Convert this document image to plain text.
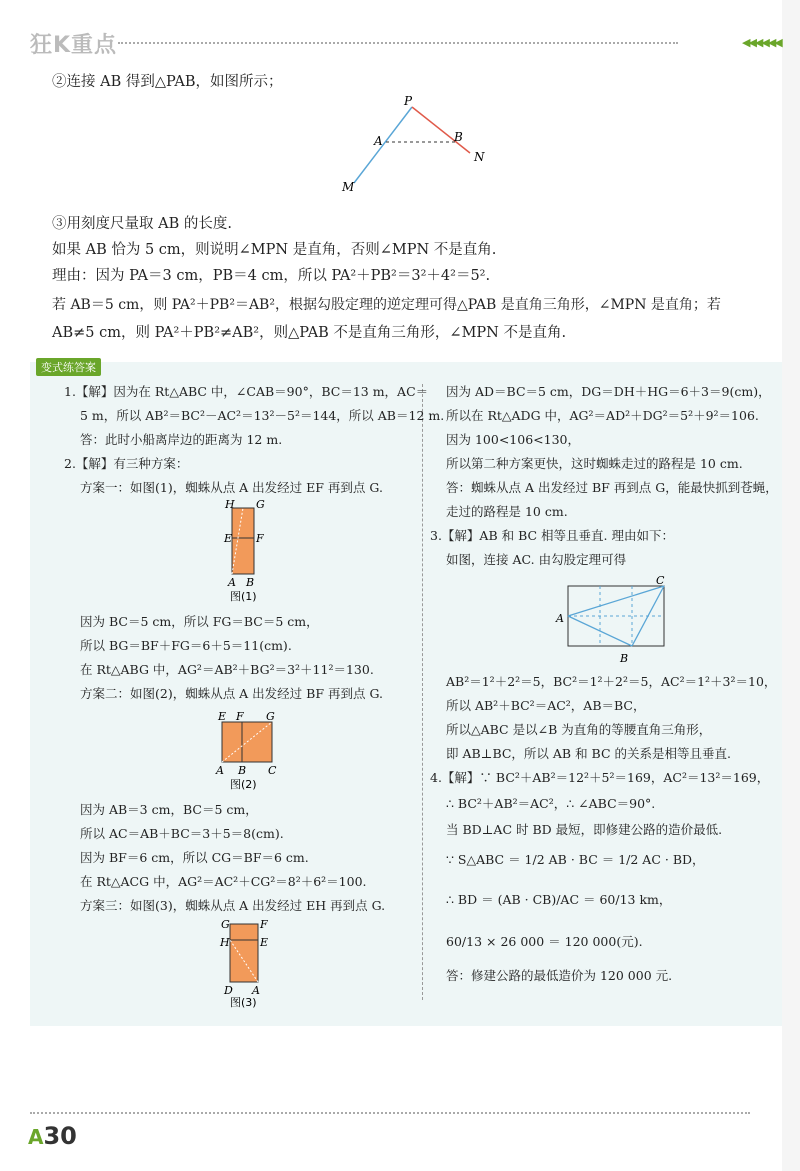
狂K重点	◀◀◀◀◀◀
②连接 AB 得到△PAB，如图所示；
P
A	B
N
M
③用刻度尺量取 AB 的长度.
如果 AB 恰为 5 cm，则说明∠MPN 是直角，否则∠MPN 不是直角.
理由：因为 PA＝3 cm，PB＝4 cm，所以 PA²＋PB²＝3²＋4²＝5².
若 AB＝5 cm，则 PA²＋PB²＝AB²，根据勾股定理的逆定理可得△PAB 是直角三角形，∠MPN 是直角；若
AB≠5 cm，则 PA²＋PB²≠AB²，则△PAB 不是直角三角形，∠MPN 不是直角.
变式练答案
1.【解】因为在 Rt△ABC 中，∠CAB＝90°，BC＝13 m，AC＝
5 m，所以 AB²＝BC²－AC²＝13²－5²＝144，所以 AB＝12 m.
答：此时小船离岸边的距离为 12 m.
2.【解】有三种方案：
方案一：如图(1)，蜘蛛从点 A 出发经过 EF 再到点 G.
H G
E F
A B
图(1)
因为 BC＝5 cm，所以 FG＝BC＝5 cm，
所以 BG＝BF＋FG＝6＋5＝11(cm).
在 Rt△ABG 中，AG²＝AB²＋BG²＝3²＋11²＝130.
方案二：如图(2)，蜘蛛从点 A 出发经过 BF 再到点 G.
E F G
A B C
图(2)
因为 AB＝3 cm，BC＝5 cm，
所以 AC＝AB＋BC＝3＋5＝8(cm).
因为 BF＝6 cm，所以 CG＝BF＝6 cm.
在 Rt△ACG 中，AG²＝AC²＋CG²＝8²＋6²＝100.
方案三：如图(3)，蜘蛛从点 A 出发经过 EH 再到点 G.
G	F
H	E
D A
图(3)
因为 AD＝BC＝5 cm，DG＝DH＋HG＝6＋3＝9(cm)，
所以在 Rt△ADG 中，AG²＝AD²＋DG²＝5²＋9²＝106.
因为 100<106<130，
所以第二种方案更快，这时蜘蛛走过的路程是 10 cm.
答：蜘蛛从点 A 出发经过 BF 再到点 G，能最快抓到苍蝇，
走过的路程是 10 cm.
3.【解】AB 和 BC 相等且垂直. 理由如下：
如图，连接 AC. 由勾股定理可得
A
B
C
AB²＝1²＋2²＝5，BC²＝1²＋2²＝5，AC²＝1²＋3²＝10，
所以 AB²＋BC²＝AC²，AB＝BC，
所以△ABC 是以∠B 为直角的等腰直角三角形，
即 AB⊥BC，所以 AB 和 BC 的关系是相等且垂直.
4.【解】∵ BC²＋AB²＝12²＋5²＝169，AC²＝13²＝169，
∴ BC²＋AB²＝AC²，∴ ∠ABC＝90°.
当 BD⊥AC 时 BD 最短，即修建公路的造价最低.
∵ S△ABC ＝ 1/2 AB · BC ＝ 1/2 AC · BD，
∴ BD ＝ (AB · CB)/AC ＝ 60/13 km，
60/13 × 26 000 ＝ 120 000(元).
答：修建公路的最低造价为 120 000 元.
A30
